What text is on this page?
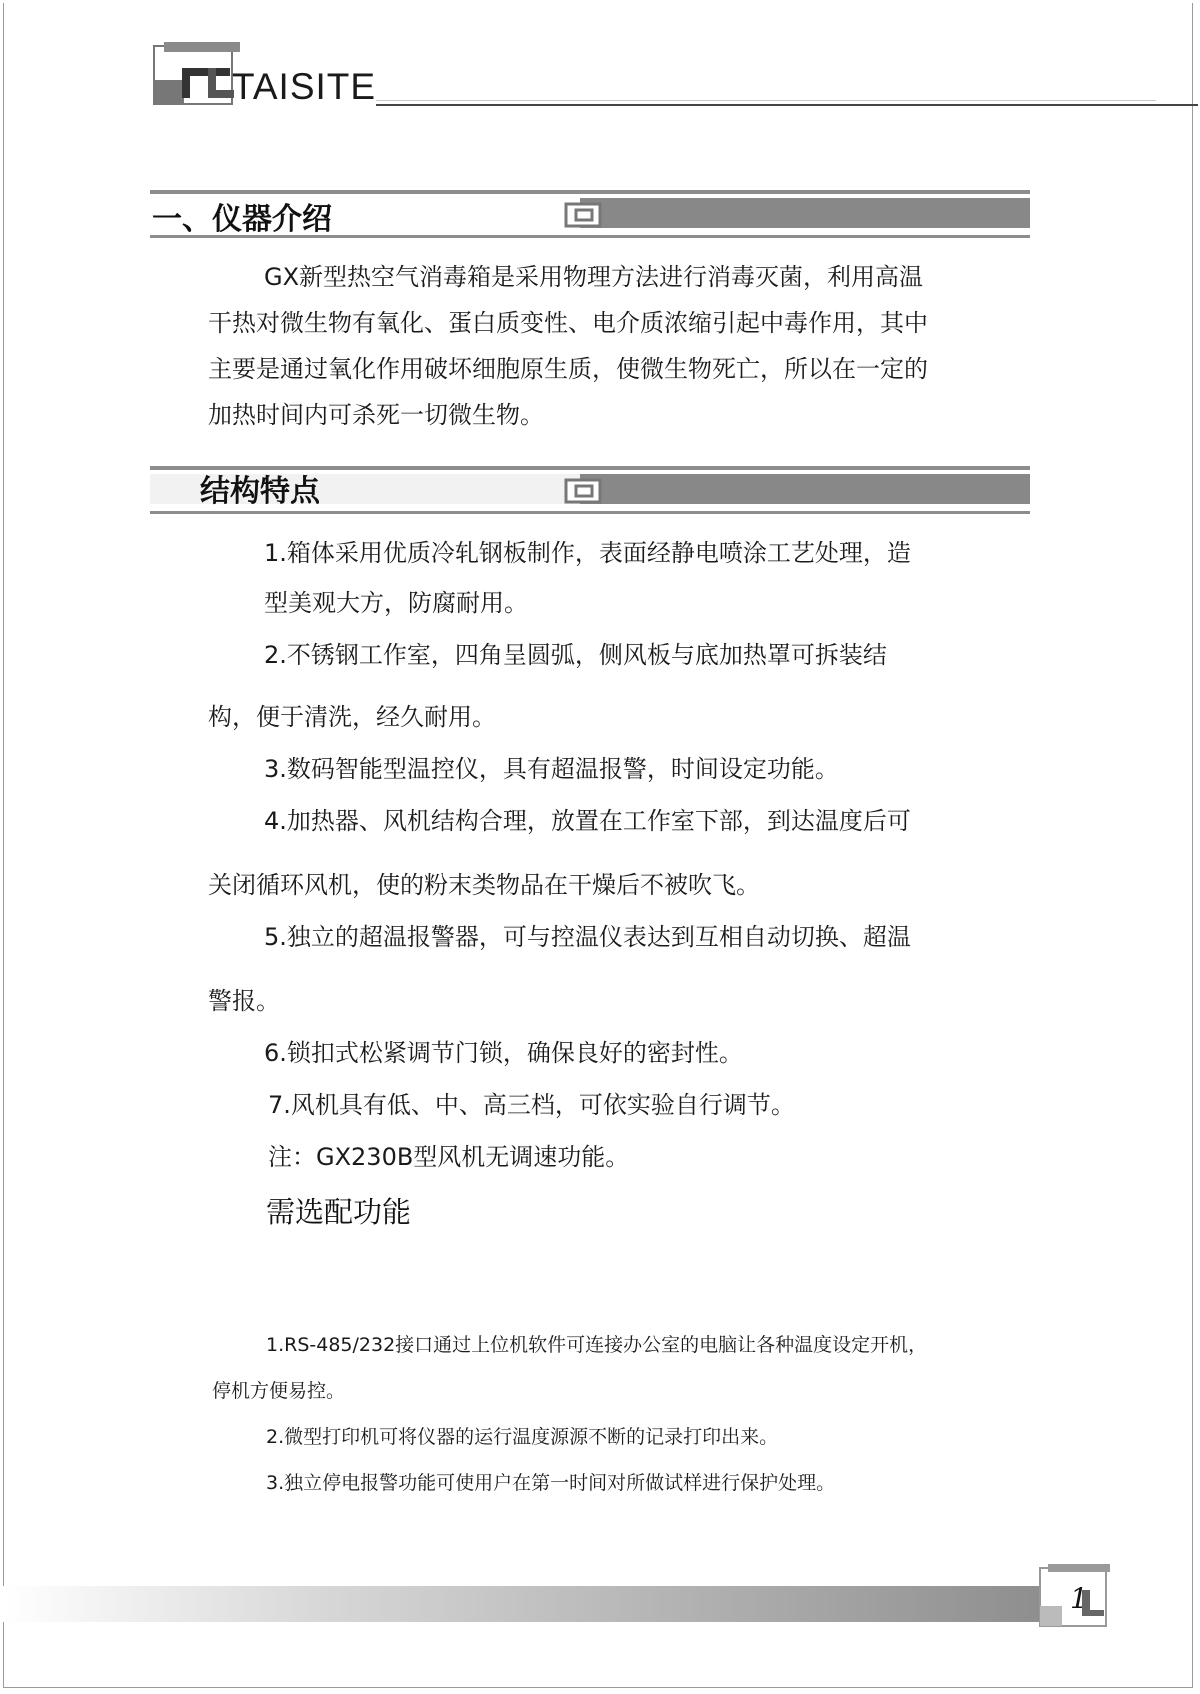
TAISITE
一、仪器介绍
GX新型热空气消毒箱是采用物理方法进行消毒灭菌，利用高温
干热对微生物有氧化、蛋白质变性、电介质浓缩引起中毒作用，其中
主要是通过氧化作用破坏细胞原生质，使微生物死亡，所以在一定的
加热时间内可杀死一切微生物。
结构特点
1.箱体采用优质冷轧钢板制作，表面经静电喷涂工艺处理，造
型美观大方，防腐耐用。
2.不锈钢工作室，四角呈圆弧，侧风板与底加热罩可拆装结
构，便于清洗，经久耐用。
3.数码智能型温控仪，具有超温报警，时间设定功能。
4.加热器、风机结构合理，放置在工作室下部，到达温度后可
关闭循环风机，使的粉末类物品在干燥后不被吹飞。
5.独立的超温报警器，可与控温仪表达到互相自动切换、超温
警报。
6.锁扣式松紧调节门锁，确保良好的密封性。
7.风机具有低、中、高三档，可依实验自行调节。
注：GX230B型风机无调速功能。
需选配功能
1.RS-485/232接口通过上位机软件可连接办公室的电脑让各种温度设定开机，
停机方便易控。
2.微型打印机可将仪器的运行温度源源不断的记录打印出来。
3.独立停电报警功能可使用户在第一时间对所做试样进行保护处理。
1
